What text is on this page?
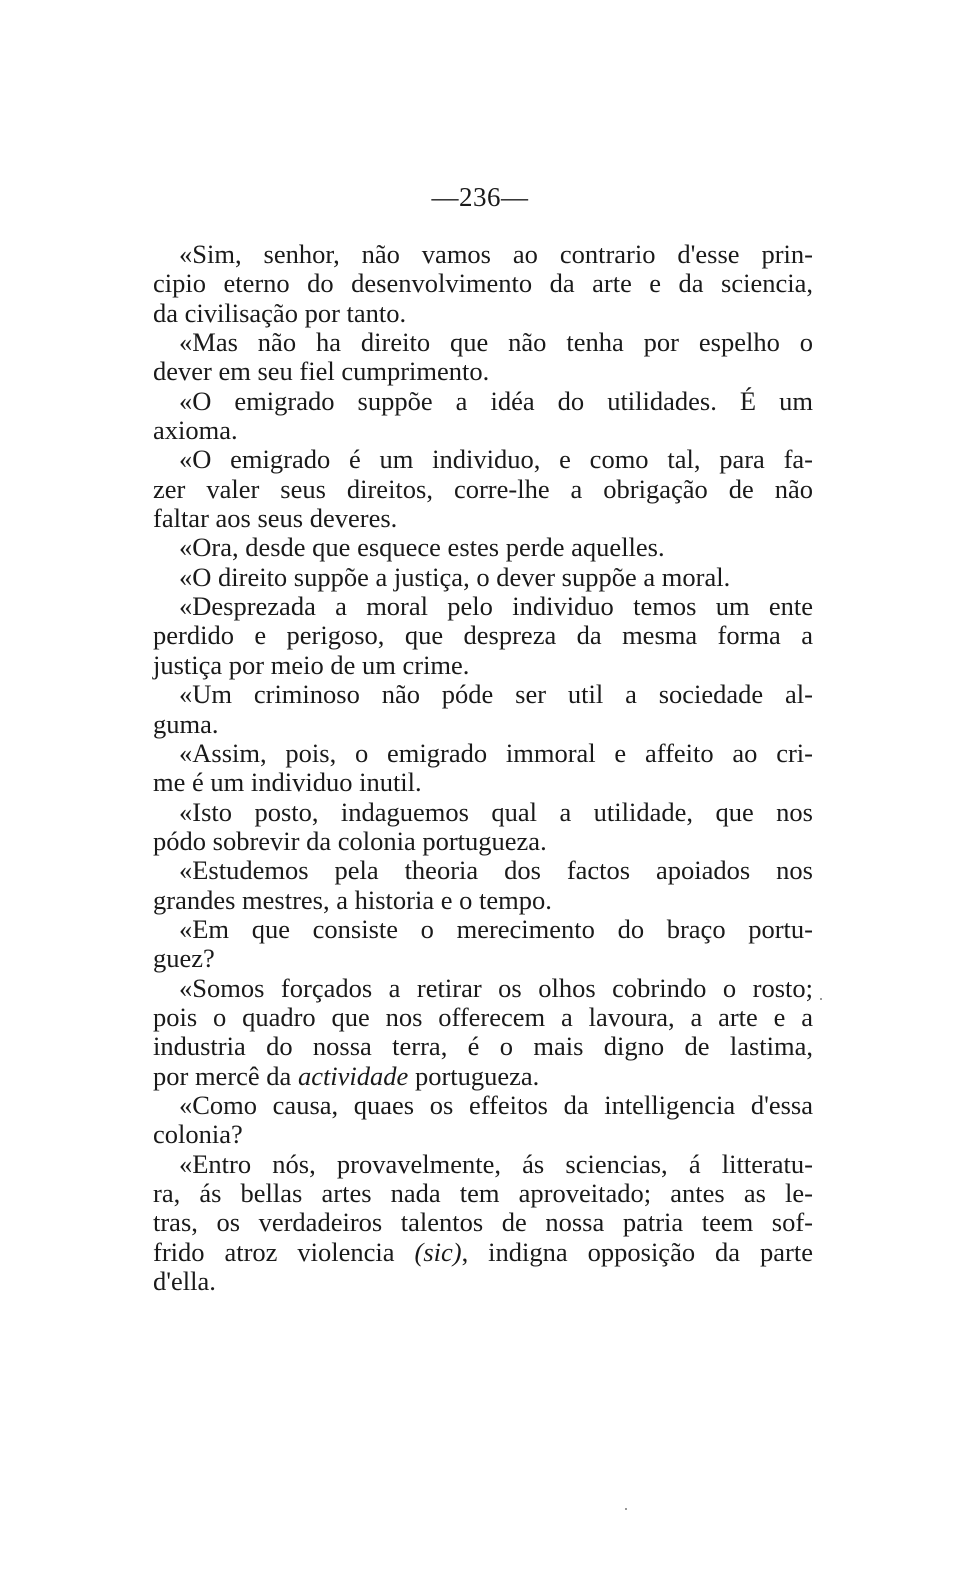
—236—
«Sim, senhor, não vamos ao contrario d'esse prin-
cipio eterno do desenvolvimento da arte e da sciencia,
da civilisação por tanto.
«Mas não ha direito que não tenha por espelho o
dever em seu fiel cumprimento.
«O emigrado suppõe a idéa do utilidades. É um
axioma.
«O emigrado é um individuo, e como tal, para fa-
zer valer seus direitos, corre-lhe a obrigação de não
faltar aos seus deveres.
«Ora, desde que esquece estes perde aquelles.
«O direito suppõe a justiça, o dever suppõe a moral.
«Desprezada a moral pelo individuo temos um ente
perdido e perigoso, que despreza da mesma forma a
justiça por meio de um crime.
«Um criminoso não póde ser util a sociedade al-
guma.
«Assim, pois, o emigrado immoral e affeito ao cri-
me é um individuo inutil.
«Isto posto, indaguemos qual a utilidade, que nos
pódo sobrevir da colonia portugueza.
«Estudemos pela theoria dos factos apoiados nos
grandes mestres, a historia e o tempo.
«Em que consiste o merecimento do braço portu-
guez?
«Somos forçados a retirar os olhos cobrindo o rosto;
pois o quadro que nos offerecem a lavoura, a arte e a
industria do nossa terra, é o mais digno de lastima,
por mercê da actividade portugueza.
«Como causa, quaes os effeitos da intelligencia d'essa
colonia?
«Entro nós, provavelmente, ás sciencias, á litteratu-
ra, ás bellas artes nada tem aproveitado; antes as le-
tras, os verdadeiros talentos de nossa patria teem sof-
frido atroz violencia (sic), indigna opposição da parte
d'ella.
